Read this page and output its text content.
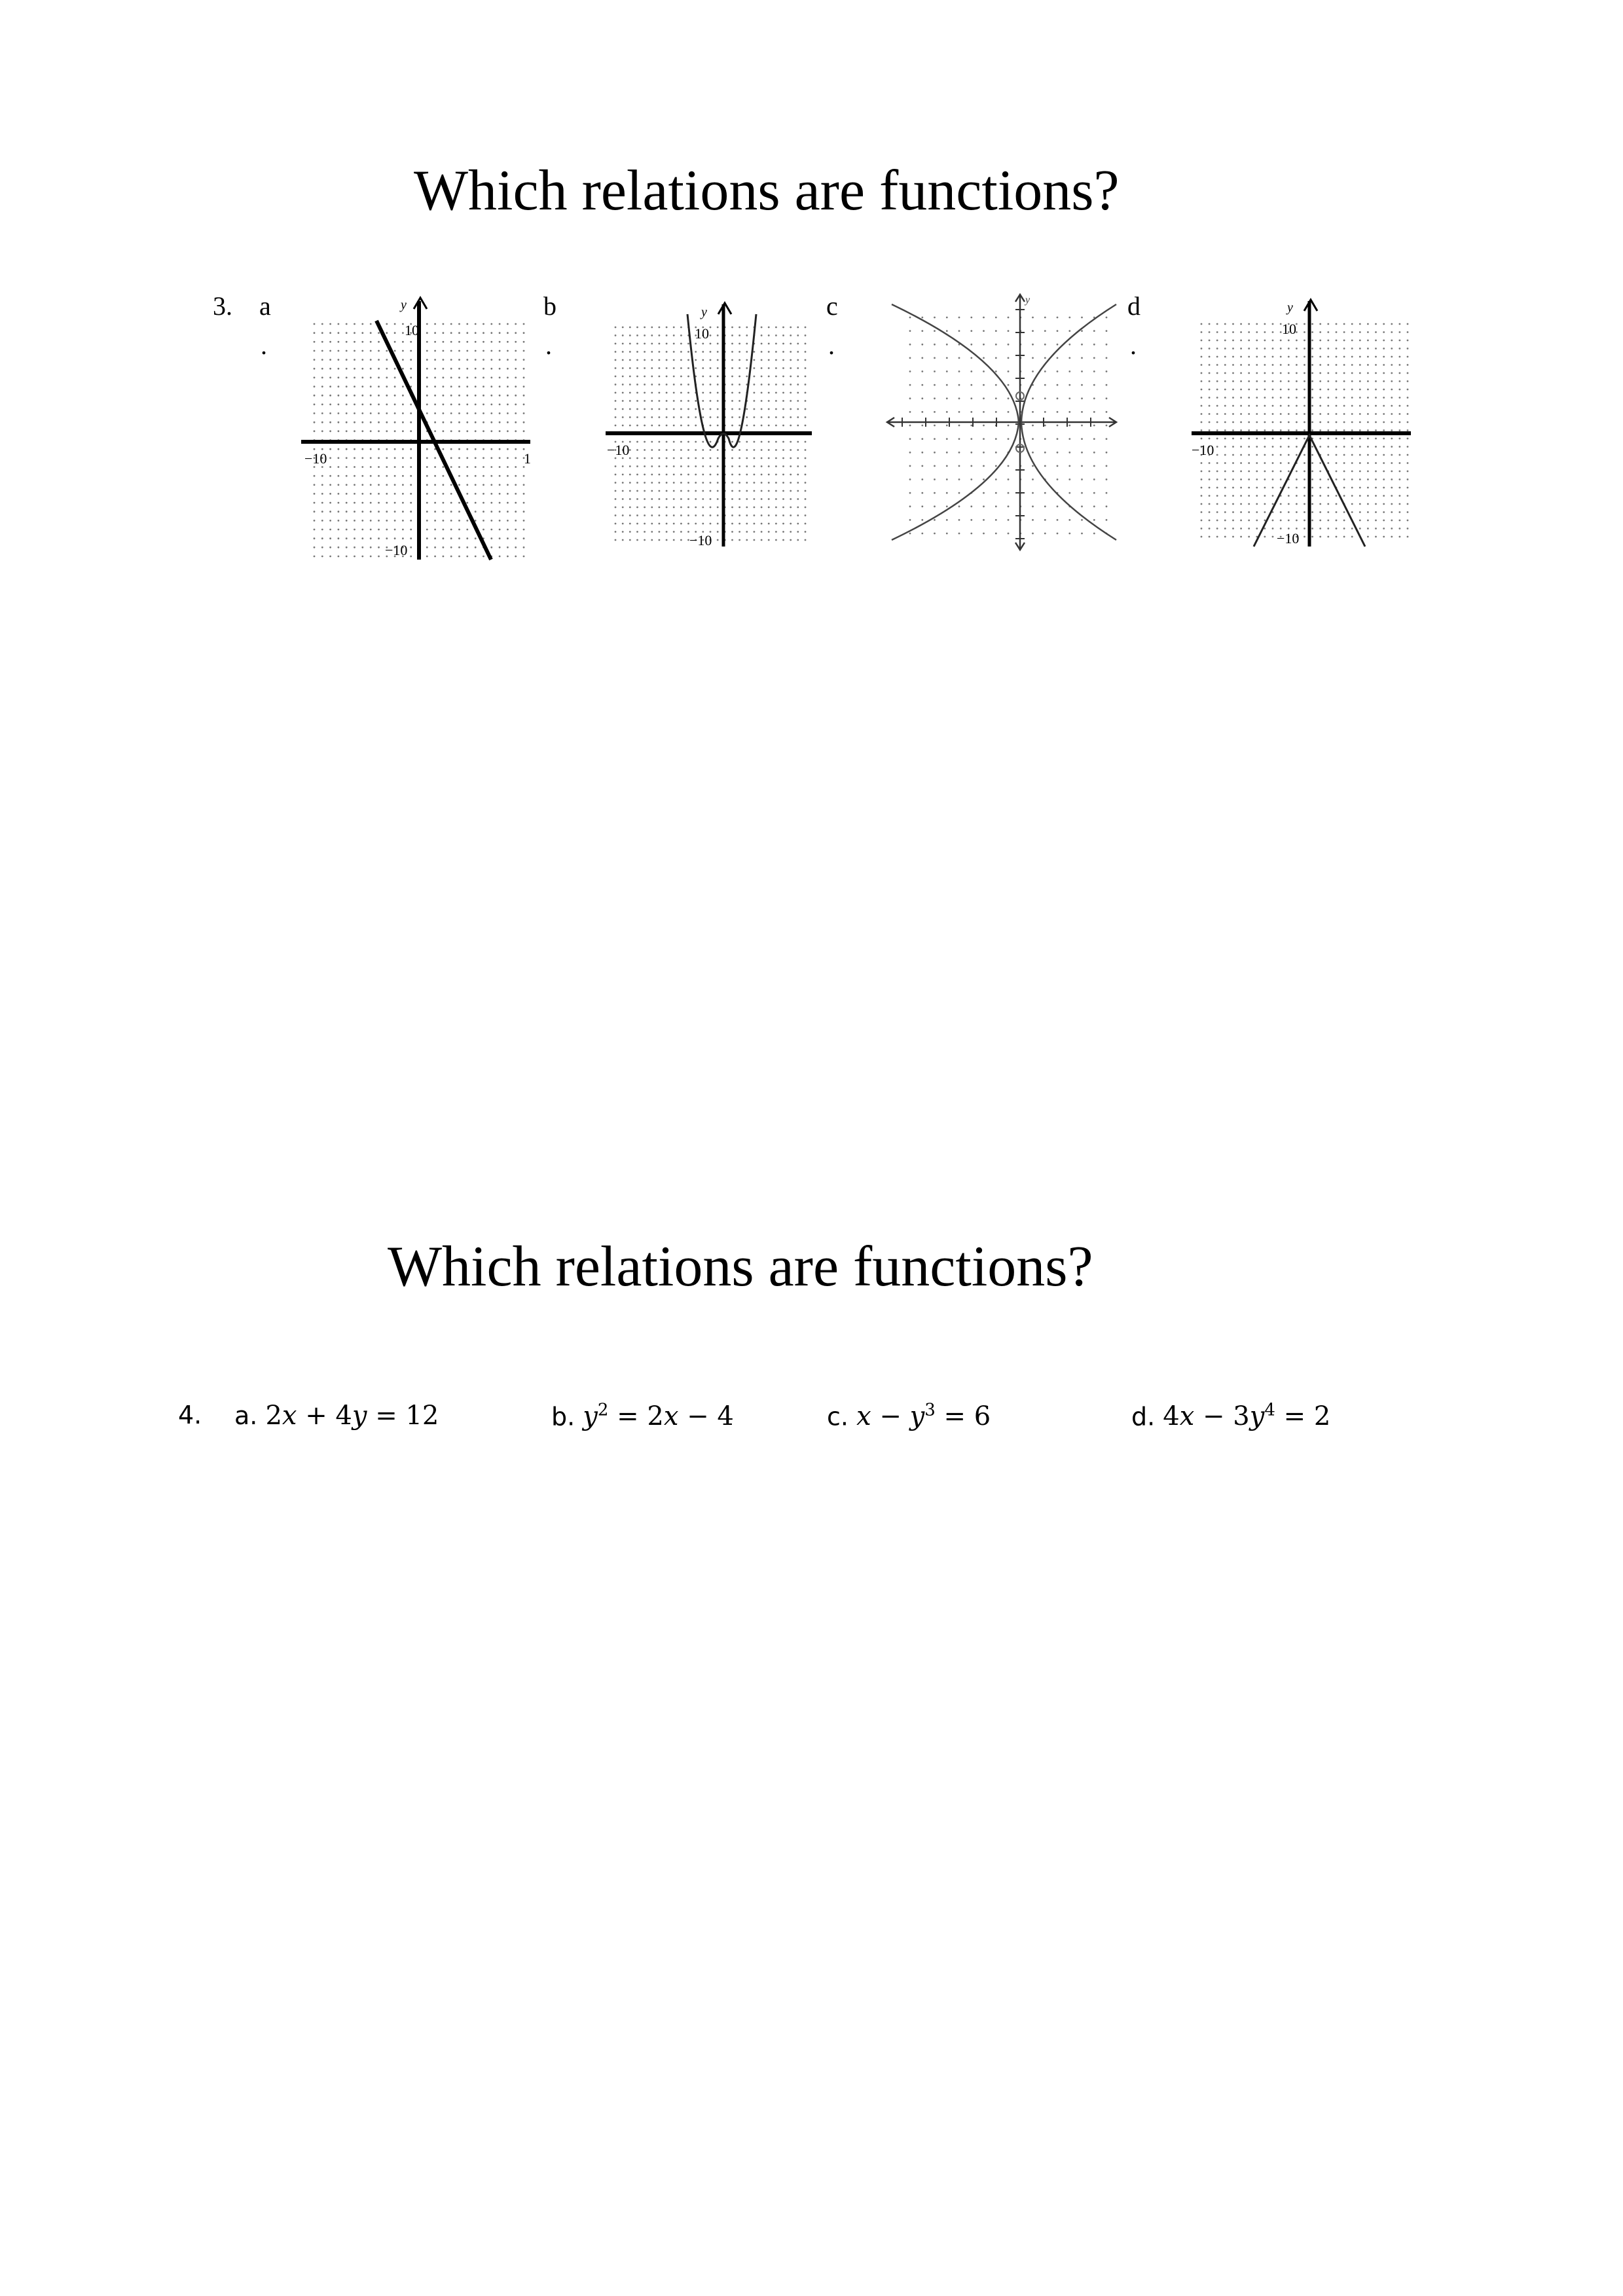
Which relations are functions?
3. a
.
b
.
c
.
d
.
10
y
−10
−10
1
10
y
−10
−10
y
10
y
−10
−10
Which relations are functions?
4. a. 2x + 4y = 12	b. $y^2 = 2x - 4$	c. $x - y^3 = 6$	d. $4x - 3y^4 = 2$
